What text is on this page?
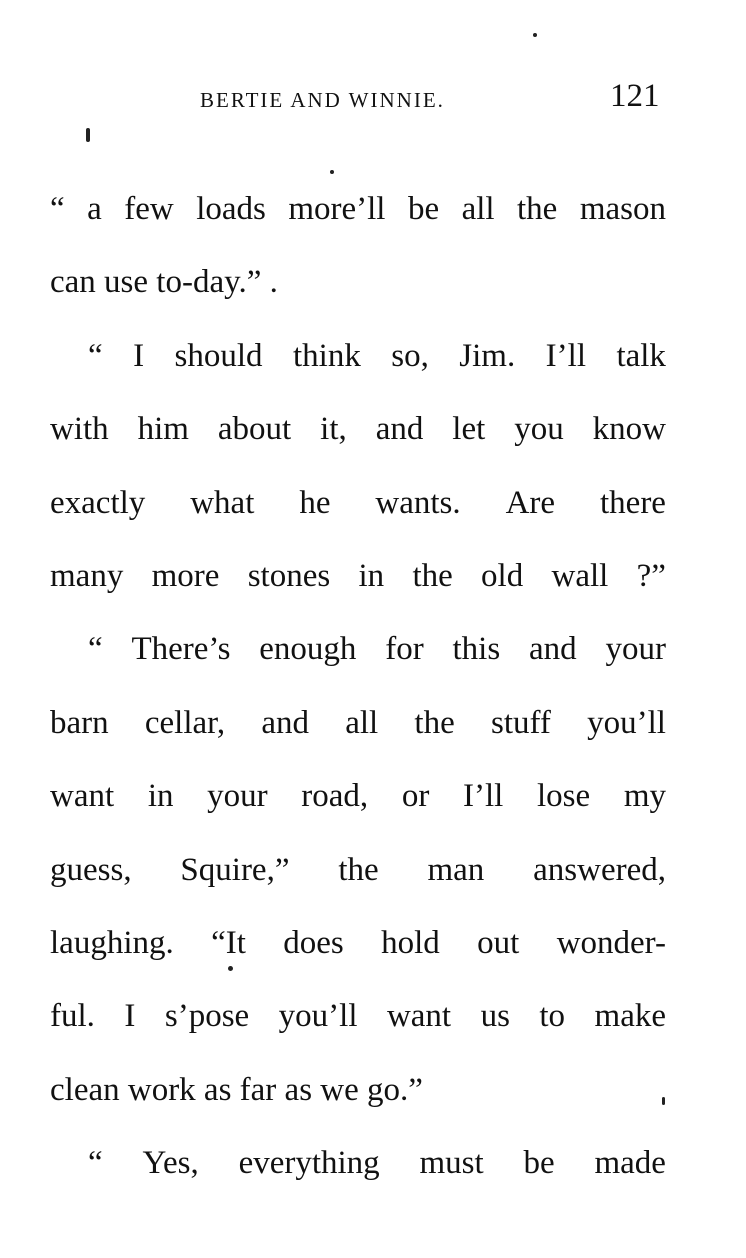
BERTIE AND WINNIE.	121
“ a few loads more’ll be all the mason
can use to-day.” .
“ I should think so, Jim. I’ll talk
with him about it, and let you know
exactly what he wants. Are there
many more stones in the old wall ?”
“ There’s enough for this and your
barn cellar, and all the stuff you’ll
want in your road, or I’ll lose my
guess, Squire,” the man answered,
laughing. “It does hold out wonder-
ful. I s’pose you’ll want us to make
clean work as far as we go.”
“ Yes, everything must be made
